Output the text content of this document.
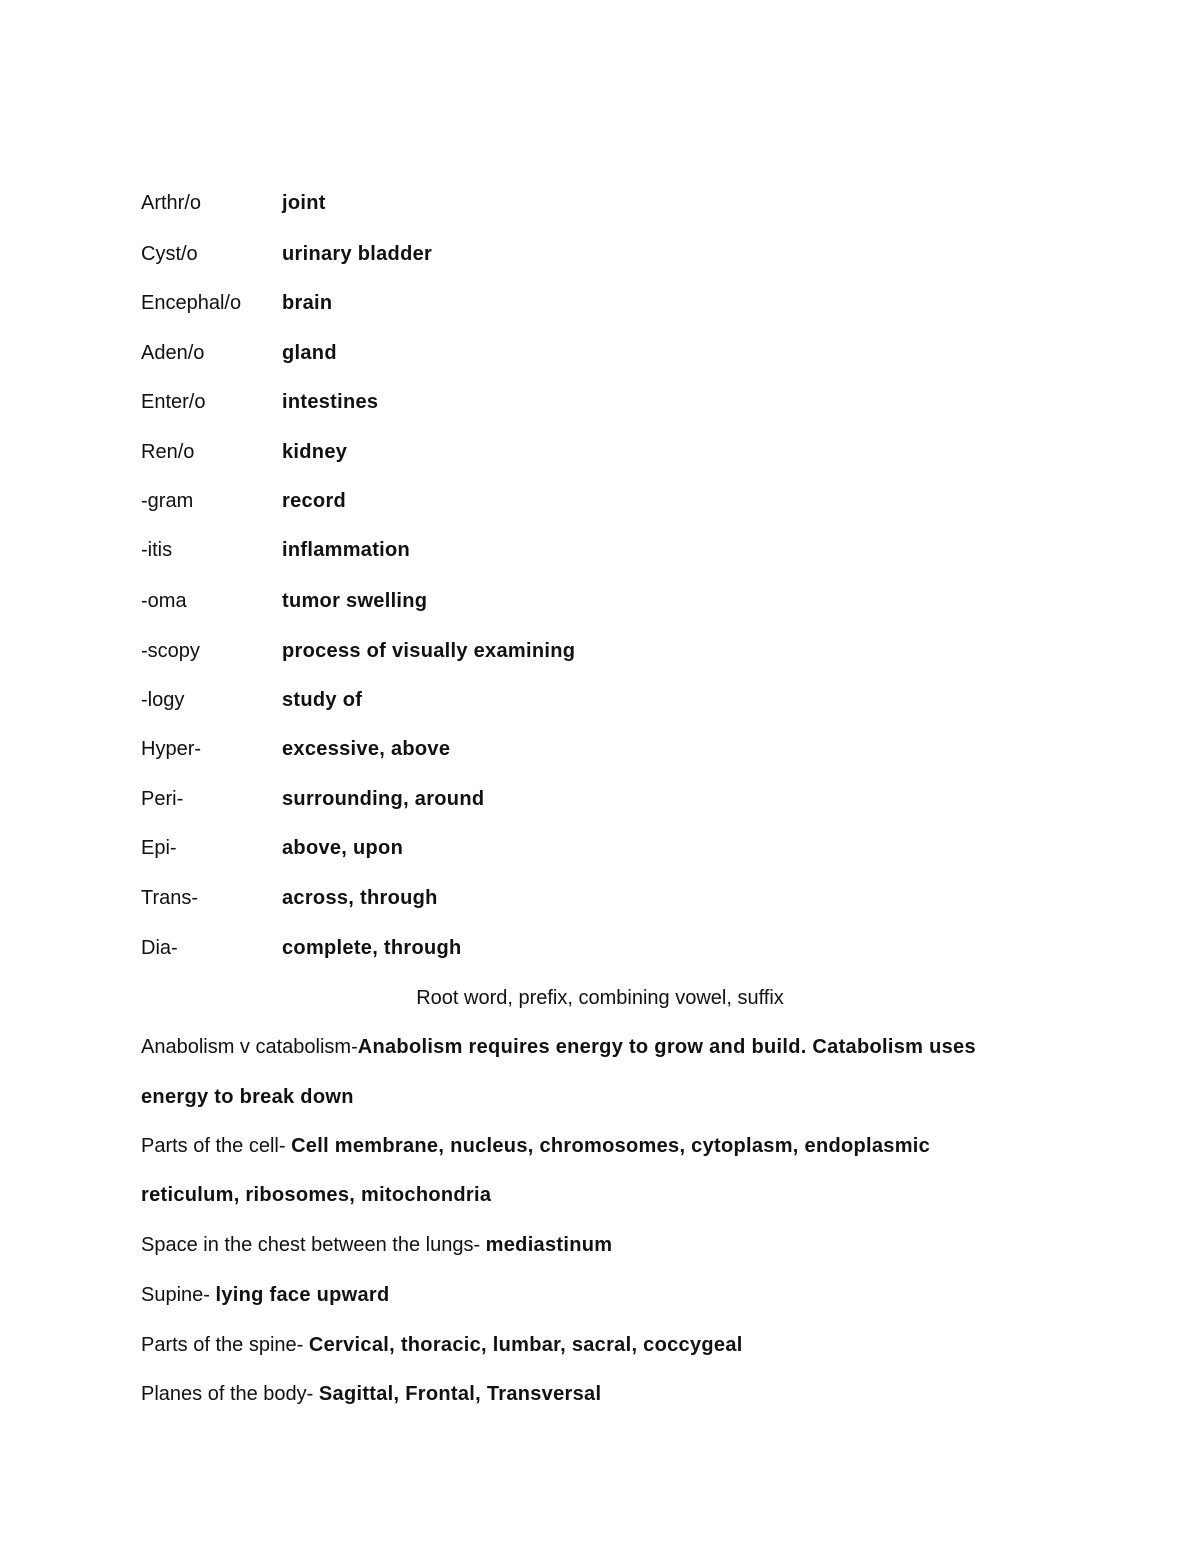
Arthr/o	joint
Cyst/o	urinary bladder
Encephal/o brain
Aden/o	gland
Enter/o	intestines
Ren/o	kidney
-gram	record
-itis	inflammation
-oma	tumor swelling
-scopy	process of visually examining
-logy	study of
Hyper-	excessive, above
Peri-	surrounding, around
Epi-	above, upon
Trans-	across, through
Dia-	complete, through
Root word, prefix, combining vowel, suffix
Anabolism v catabolism-Anabolism requires energy to grow and build. Catabolism uses
energy to break down
Parts of the cell- Cell membrane, nucleus, chromosomes, cytoplasm, endoplasmic
reticulum, ribosomes, mitochondria
Space in the chest between the lungs- mediastinum
Supine- lying face upward
Parts of the spine- Cervical, thoracic, lumbar, sacral, coccygeal
Planes of the body- Sagittal, Frontal, Transversal
